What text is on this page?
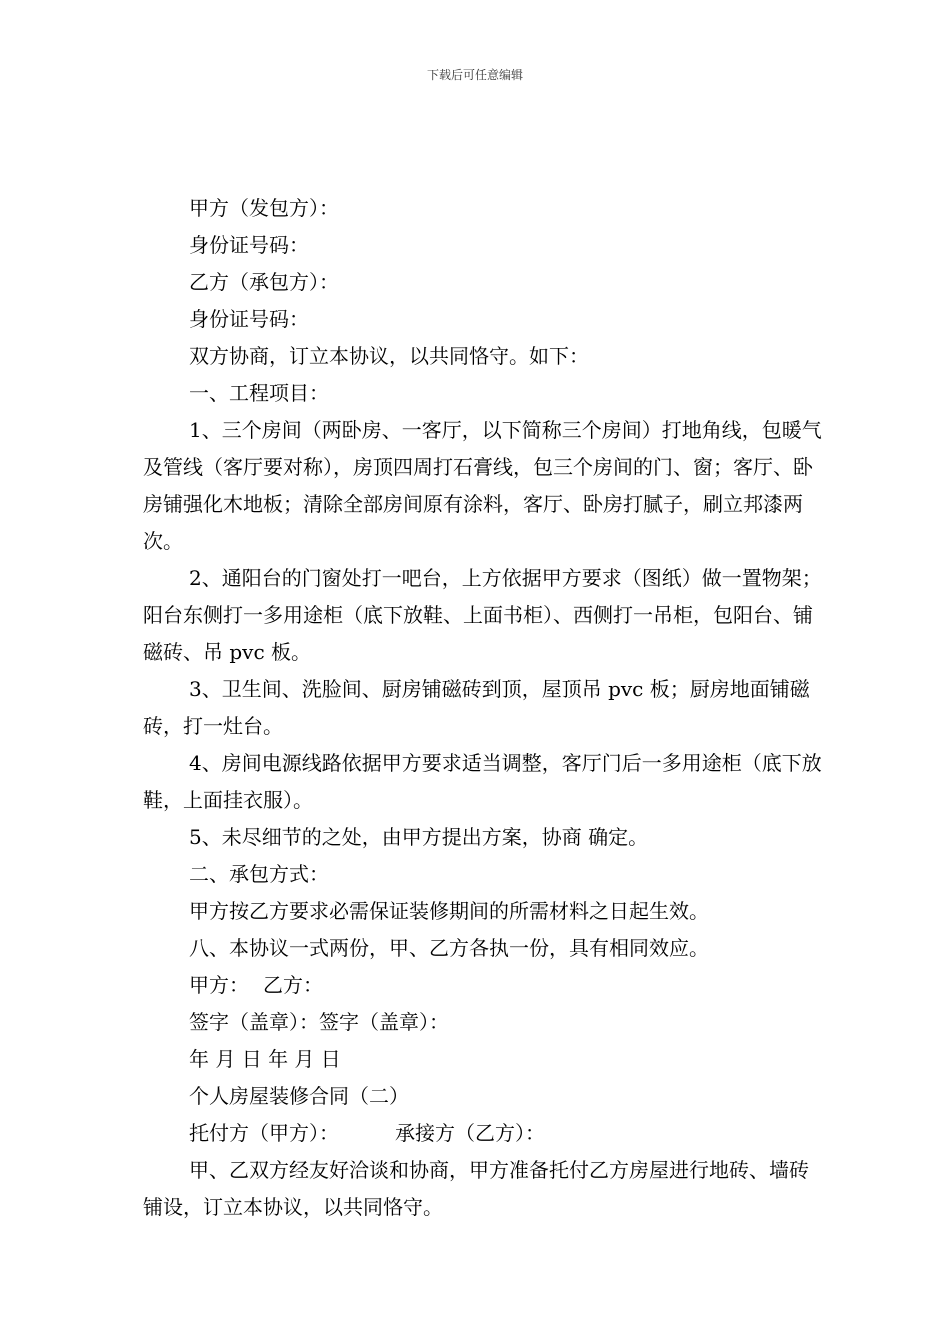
下载后可任意编辑

甲方（发包方）：

身份证号码：

乙方（承包方）：

身份证号码：

双方协商，订立本协议，以共同恪守。如下：

一、工程项目：

1、三个房间（两卧房、一客厅，以下简称三个房间）打地角线，包暖气及管线（客厅要对称），房顶四周打石膏线，包三个房间的门、窗；客厅、卧房铺强化木地板；清除全部房间原有涂料，客厅、卧房打腻子，刷立邦漆两次。

2、通阳台的门窗处打一吧台，上方依据甲方要求（图纸）做一置物架；阳台东侧打一多用途柜（底下放鞋、上面书柜）、西侧打一吊柜，包阳台、铺磁砖、吊 pvc 板。

3、卫生间、洗脸间、厨房铺磁砖到顶，屋顶吊 pvc 板；厨房地面铺磁砖，打一灶台。

4、房间电源线路依据甲方要求适当调整，客厅门后一多用途柜（底下放鞋，上面挂衣服）。

5、未尽细节的之处，由甲方提出方案，协商 确定。

二、承包方式：

甲方按乙方要求必需保证装修期间的所需材料之日起生效。

八、本协议一式两份，甲、乙方各执一份，具有相同效应。

甲方： 乙方：

签字（盖章）：签字（盖章）：

年 月 日 年 月 日

个人房屋装修合同（二）

托付方（甲方）：	承接方（乙方）：

甲、乙双方经友好洽谈和协商，甲方准备托付乙方房屋进行地砖、墙砖铺设，订立本协议，以共同恪守。
